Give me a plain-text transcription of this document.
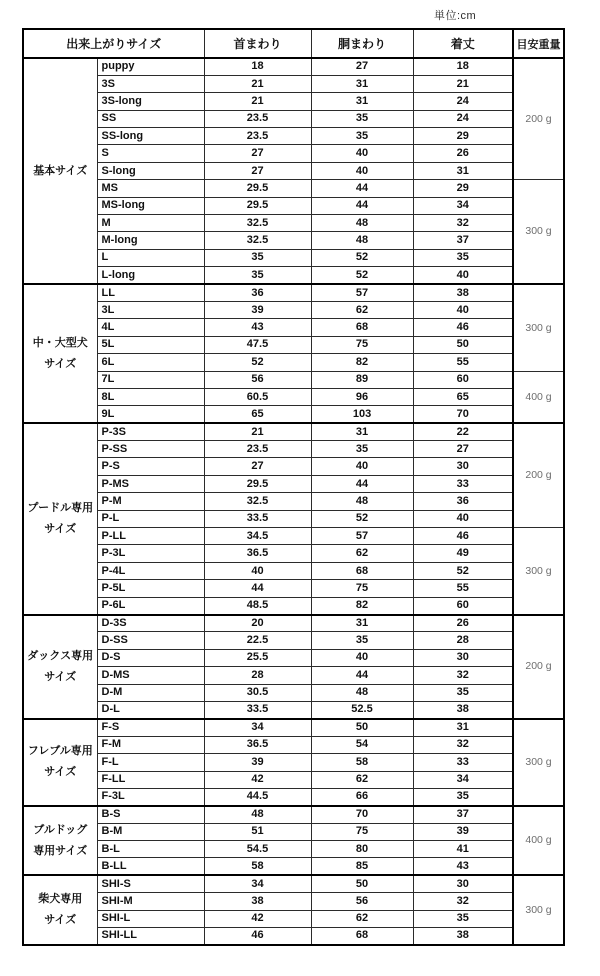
単位:cm
出来上がりサイズ		首まわり	胴まわり	着丈	目安重量
基本サイズ	puppy	18	27	18	200 g
	3S	21	31	21	
	3S-long	21	31	24	
	SS	23.5	35	24	
	SS-long	23.5	35	29	
	S	27	40	26	
	S-long	27	40	31	
	MS	29.5	44	29	300 g
	MS-long	29.5	44	34	
	M	32.5	48	32	
	M-long	32.5	48	37	
	L	35	52	35	
	L-long	35	52	40	
中・大型犬
サイズ	LL	36	57	38	300 g
	3L	39	62	40	
	4L	43	68	46	
	5L	47.5	75	50	
	6L	52	82	55	
	7L	56	89	60	400 g
	8L	60.5	96	65	
	9L	65	103	70	
プードル専用
サイズ	P-3S	21	31	22	200 g
	P-SS	23.5	35	27	
	P-S	27	40	30	
	P-MS	29.5	44	33	
	P-M	32.5	48	36	
	P-L	33.5	52	40	
	P-LL	34.5	57	46	300 g
	P-3L	36.5	62	49	
	P-4L	40	68	52	
	P-5L	44	75	55	
	P-6L	48.5	82	60	
ダックス専用
サイズ	D-3S	20	31	26	200 g
	D-SS	22.5	35	28	
	D-S	25.5	40	30	
	D-MS	28	44	32	
	D-M	30.5	48	35	
	D-L	33.5	52.5	38	
フレブル専用
サイズ	F-S	34	50	31	300 g
	F-M	36.5	54	32	
	F-L	39	58	33	
	F-LL	42	62	34	
	F-3L	44.5	66	35	
ブルドッグ
専用サイズ	B-S	48	70	37	400 g
	B-M	51	75	39	
	B-L	54.5	80	41	
	B-LL	58	85	43	
柴犬専用
サイズ	SHI-S	34	50	30	300 g
	SHI-M	38	56	32	
	SHI-L	42	62	35	
	SHI-LL	46	68	38	
